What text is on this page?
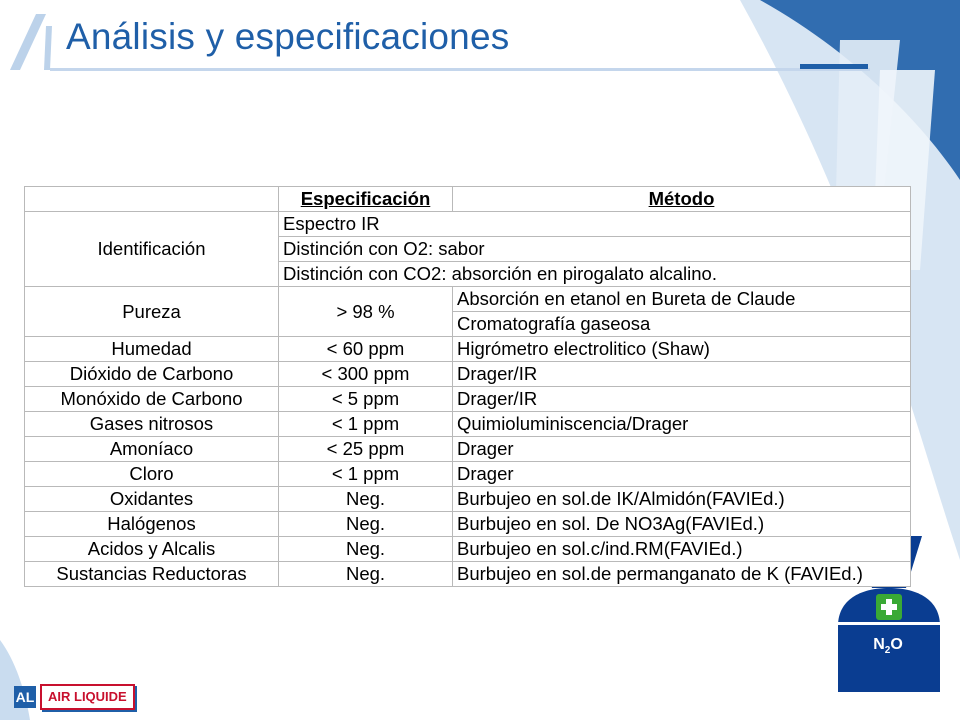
Análisis y especificaciones
	Especificación	Método
Identificación	Espectro IR	
	Distinción con O2: sabor	
	Distinción con CO2: absorción en pirogalato alcalino.	
Pureza	> 98 %	Absorción en etanol en Bureta de Claude
		Cromatografía gaseosa
Humedad	< 60 ppm	Higrómetro electrolitico (Shaw)
Dióxido de Carbono	< 300 ppm	Drager/IR
Monóxido de Carbono	< 5 ppm	Drager/IR
Gases nitrosos	< 1 ppm	Quimioluminiscencia/Drager
Amoníaco	< 25 ppm	Drager
Cloro	< 1 ppm	Drager
Oxidantes	Neg.	Burbujeo en sol.de IK/Almidón(FAVIEd.)
Halógenos	Neg.	Burbujeo en sol. De NO3Ag(FAVIEd.)
Acidos y Alcalis	Neg.	Burbujeo en sol.c/ind.RM(FAVIEd.)
Sustancias Reductoras	Neg.	Burbujeo en sol.de permanganato de K (FAVIEd.)
$N_2O$
AL	AIR LIQUIDE
